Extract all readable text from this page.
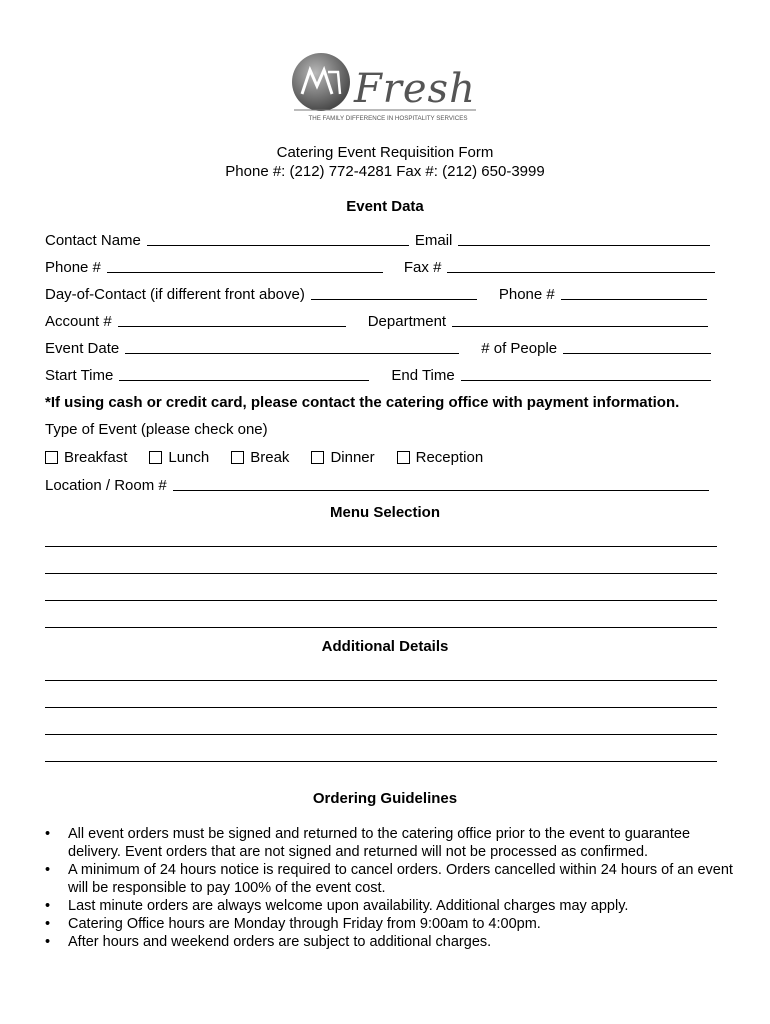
Fresh
THE FAMILY DIFFERENCE IN HOSPITALITY SERVICES
Catering Event Requisition Form
Phone #: (212) 772-4281 Fax #: (212) 650-3999
Event Data
Contact Name	Email
Phone #	Fax #
Day-of-Contact (if different front above)	Phone #
Account #	Department
Event Date	# of People
Start Time	End Time
*If using cash or credit card, please contact the catering office with payment information.
Type of Event (please check one)
Breakfast	Lunch	Break	Dinner	Reception
Location / Room #
Menu Selection
Additional Details
Ordering Guidelines
• All event orders must be signed and returned to the catering office prior to the event to guarantee delivery. Event orders that are not signed and returned will not be processed as confirmed.
• A minimum of 24 hours notice is required to cancel orders. Orders cancelled within 24 hours of an event will be responsible to pay 100% of the event cost.
• Last minute orders are always welcome upon availability. Additional charges may apply.
• Catering Office hours are Monday through Friday from 9:00am to 4:00pm.
• After hours and weekend orders are subject to additional charges.
